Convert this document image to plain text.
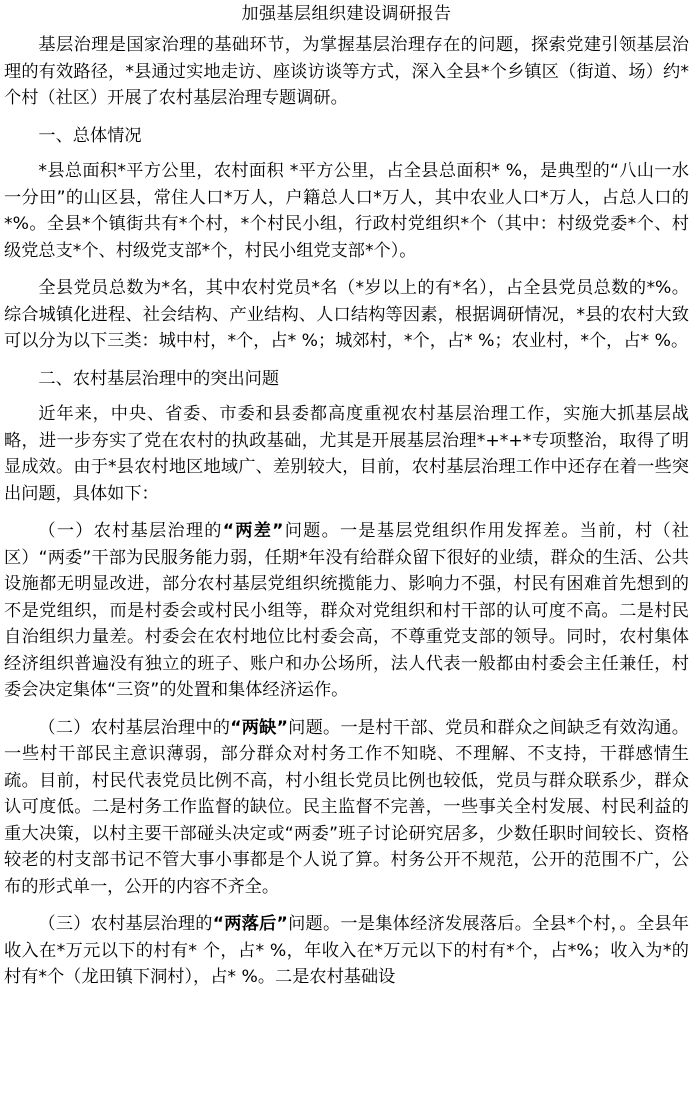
加强基层组织建设调研报告

基层治理是国家治理的基础环节，为掌握基层治理存在的问题，探索党建引领基层治理的有效路径，*县通过实地走访、座谈访谈等方式，深入全县*个乡镇区（街道、场）约*个村（社区）开展了农村基层治理专题调研。

一、总体情况

*县总面积*平方公里，农村面积 *平方公里，占全县总面积* %，是典型的“八山一水一分田”的山区县，常住人口*万人，户籍总人口*万人，其中农业人口*万人，占总人口的*%。全县*个镇街共有*个村，*个村民小组，行政村党组织*个（其中：村级党委*个、村级党总支*个、村级党支部*个，村民小组党支部*个）。

全县党员总数为*名，其中农村党员*名（*岁以上的有*名），占全县党员总数的*%。综合城镇化进程、社会结构、产业结构、人口结构等因素，根据调研情况，*县的农村大致可以分为以下三类：城中村，*个，占* %；城郊村，*个，占* %；农业村，*个，占* %。

二、农村基层治理中的突出问题

近年来，中央、省委、市委和县委都高度重视农村基层治理工作，实施大抓基层战略，进一步夯实了党在农村的执政基础，尤其是开展基层治理*+*+*专项整治，取得了明显成效。由于*县农村地区地域广、差别较大，目前，农村基层治理工作中还存在着一些突出问题，具体如下：

（一）农村基层治理的“两差”问题。一是基层党组织作用发挥差。当前，村（社区）“两委”干部为民服务能力弱，任期*年没有给群众留下很好的业绩，群众的生活、公共设施都无明显改进，部分农村基层党组织统揽能力、影响力不强，村民有困难首先想到的不是党组织，而是村委会或村民小组等，群众对党组织和村干部的认可度不高。二是村民自治组织力量差。村委会在农村地位比村委会高，不尊重党支部的领导。同时，农村集体经济组织普遍没有独立的班子、账户和办公场所，法人代表一般都由村委会主任兼任，村委会决定集体“三资”的处置和集体经济运作。

（二）农村基层治理中的“两缺”问题。一是村干部、党员和群众之间缺乏有效沟通。一些村干部民主意识薄弱，部分群众对村务工作不知晓、不理解、不支持，干群感情生疏。目前，村民代表党员比例不高，村小组长党员比例也较低，党员与群众联系少，群众认可度低。二是村务工作监督的缺位。民主监督不完善，一些事关全村发展、村民利益的重大决策，以村主要干部碰头决定或“两委”班子讨论研究居多，少数任职时间较长、资格较老的村支部书记不管大事小事都是个人说了算。村务公开不规范，公开的范围不广，公布的形式单一，公开的内容不齐全。

（三）农村基层治理的“两落后”问题。一是集体经济发展落后。全县*个村，。全县年收入在*万元以下的村有* 个，占* %，年收入在*万元以下的村有*个，占*%；收入为*的村有*个（龙田镇下洞村），占* %。二是农村基础设
